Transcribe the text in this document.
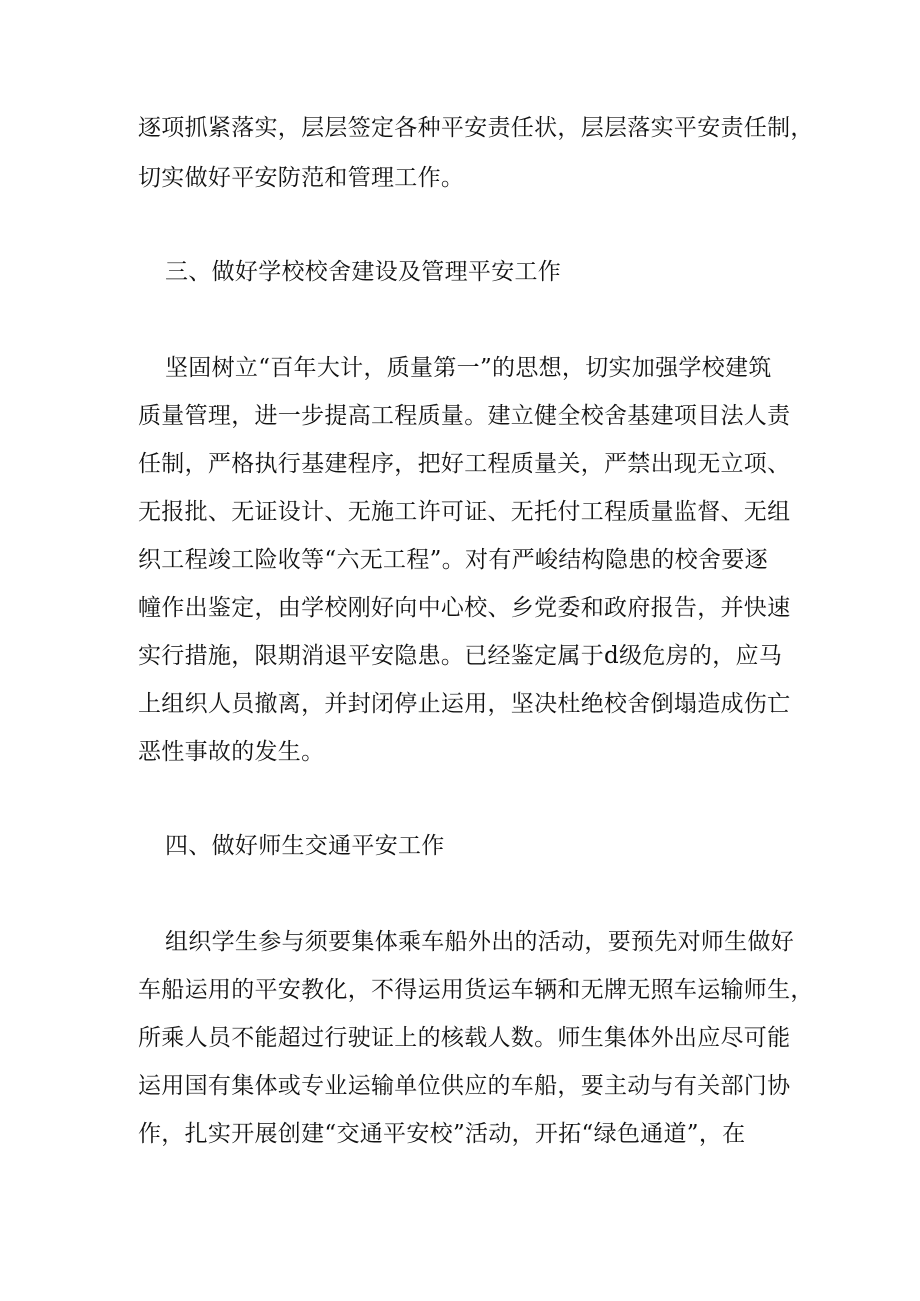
逐项抓紧落实，层层签定各种平安责任状，层层落实平安责任制，
切实做好平安防范和管理工作。
三、做好学校校舍建设及管理平安工作
坚固树立“百年大计，质量第一”的思想，切实加强学校建筑
质量管理，进一步提高工程质量。建立健全校舍基建项目法人责
任制，严格执行基建程序，把好工程质量关，严禁出现无立项、
无报批、无证设计、无施工许可证、无托付工程质量监督、无组
织工程竣工险收等“六无工程”。对有严峻结构隐患的校舍要逐
幢作出鉴定，由学校刚好向中心校、乡党委和政府报告，并快速
实行措施，限期消退平安隐患。已经鉴定属于d级危房的，应马
上组织人员撤离，并封闭停止运用，坚决杜绝校舍倒塌造成伤亡
恶性事故的发生。
四、做好师生交通平安工作
组织学生参与须要集体乘车船外出的活动，要预先对师生做好
车船运用的平安教化，不得运用货运车辆和无牌无照车运输师生，
所乘人员不能超过行驶证上的核载人数。师生集体外出应尽可能
运用国有集体或专业运输单位供应的车船，要主动与有关部门协
作，扎实开展创建“交通平安校”活动，开拓“绿色通道”，在
